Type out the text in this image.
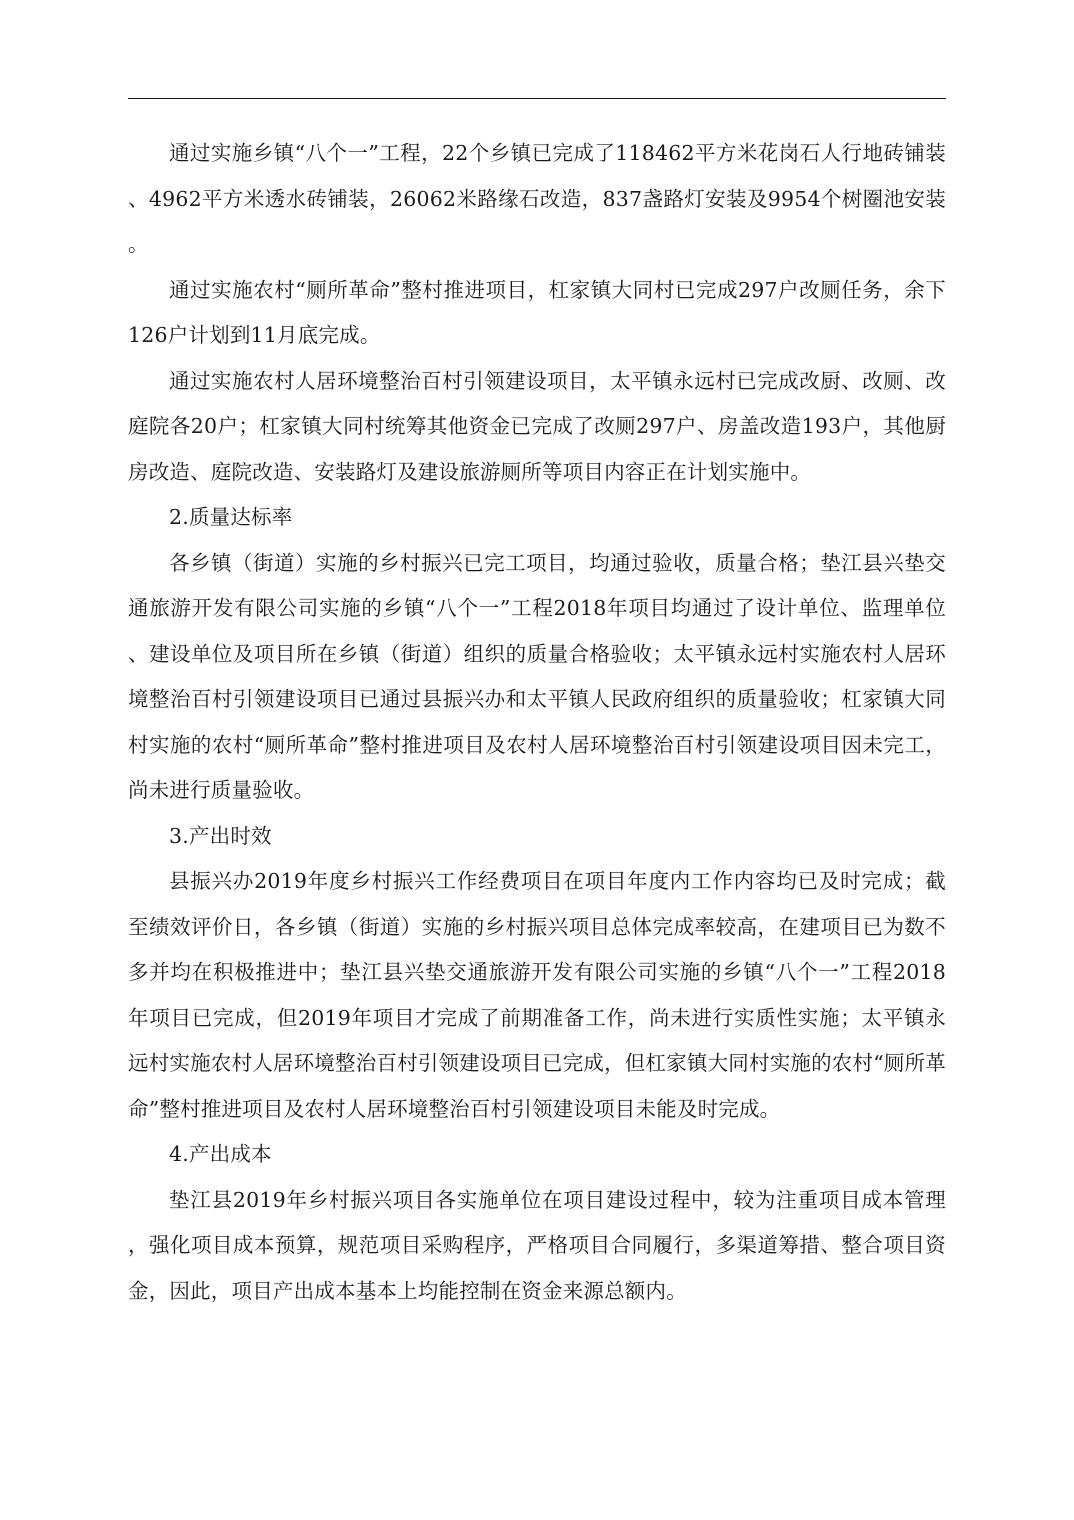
通过实施乡镇“八个一”工程，22个乡镇已完成了118462平方米花岗石人行地砖铺装、4962平方米透水砖铺装，26062米路缘石改造，837盏路灯安装及9954个树圈池安装。

通过实施农村“厕所革命”整村推进项目，杠家镇大同村已完成297户改厕任务，余下126户计划到11月底完成。

通过实施农村人居环境整治百村引领建设项目，太平镇永远村已完成改厨、改厕、改庭院各20户；杠家镇大同村统筹其他资金已完成了改厕297户、房盖改造193户，其他厨房改造、庭院改造、安装路灯及建设旅游厕所等项目内容正在计划实施中。

2.质量达标率

各乡镇（街道）实施的乡村振兴已完工项目，均通过验收，质量合格；垫江县兴垫交通旅游开发有限公司实施的乡镇“八个一”工程2018年项目均通过了设计单位、监理单位、建设单位及项目所在乡镇（街道）组织的质量合格验收；太平镇永远村实施农村人居环境整治百村引领建设项目已通过县振兴办和太平镇人民政府组织的质量验收；杠家镇大同村实施的农村“厕所革命”整村推进项目及农村人居环境整治百村引领建设项目因未完工，尚未进行质量验收。

3.产出时效

县振兴办2019年度乡村振兴工作经费项目在项目年度内工作内容均已及时完成；截至绩效评价日，各乡镇（街道）实施的乡村振兴项目总体完成率较高，在建项目已为数不多并均在积极推进中；垫江县兴垫交通旅游开发有限公司实施的乡镇“八个一”工程2018年项目已完成，但2019年项目才完成了前期准备工作，尚未进行实质性实施；太平镇永远村实施农村人居环境整治百村引领建设项目已完成，但杠家镇大同村实施的农村“厕所革命”整村推进项目及农村人居环境整治百村引领建设项目未能及时完成。

4.产出成本

垫江县2019年乡村振兴项目各实施单位在项目建设过程中，较为注重项目成本管理，强化项目成本预算，规范项目采购程序，严格项目合同履行，多渠道筹措、整合项目资金，因此，项目产出成本基本上均能控制在资金来源总额内。
